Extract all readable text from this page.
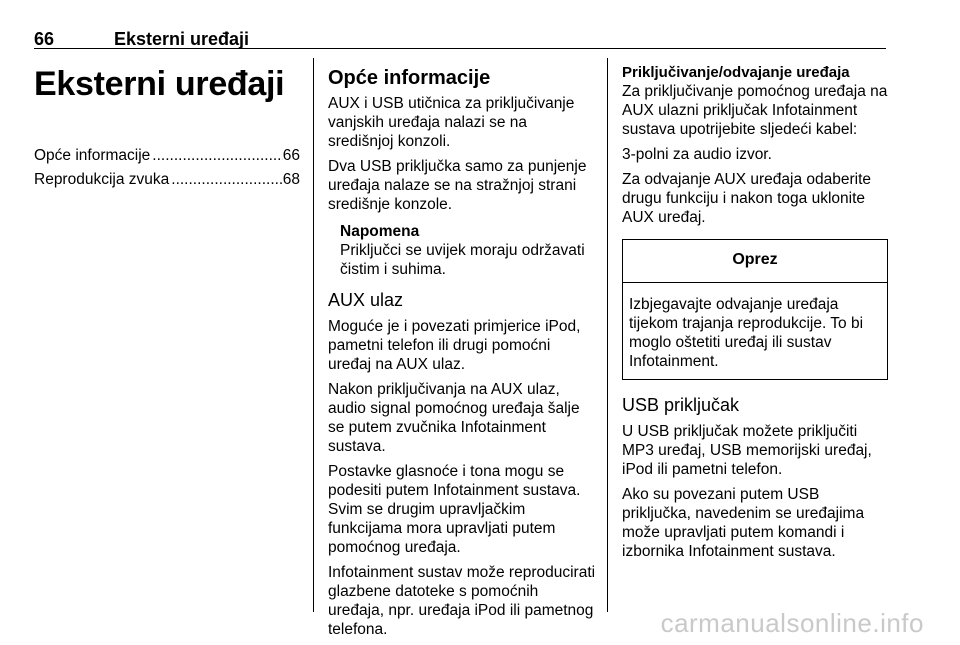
66	Eksterni uređaji
Eksterni uređaji
Opće informacije .....	66
Reprodukcija zvuka .....	68
Opće informacije

AUX i USB utičnica za priključivanje vanjskih uređaja nalazi se na središnjoj konzoli.

Dva USB priključka samo za punjenje uređaja nalaze se na stražnjoj strani središnje konzole.

Napomena

Priključci se uvijek moraju održavati čistim i suhima.

AUX ulaz

Moguće je i povezati primjerice iPod, pametni telefon ili drugi pomoćni uređaj na AUX ulaz.

Nakon priključivanja na AUX ulaz, audio signal pomoćnog uređaja šalje se putem zvučnika Infotainment sustava.

Postavke glasnoće i tona mogu se podesiti putem Infotainment sustava. Svim se drugim upravljačkim funkcijama mora upravljati putem pomoćnog uređaja.

Infotainment sustav može reproducirati glazbene datoteke s pomoćnih uređaja, npr. uređaja iPod ili pametnog telefona.

Priključivanje/odvajanje uređaja

Za priključivanje pomoćnog uređaja na AUX ulazni priključak Infotainment sustava upotrijebite sljedeći kabel:

3-polni za audio izvor.

Za odvajanje AUX uređaja odaberite drugu funkciju i nakon toga uklonite AUX uređaj.

Oprez

Izbjegavajte odvajanje uređaja tijekom trajanja reprodukcije. To bi moglo oštetiti uređaj ili sustav Infotainment.

USB priključak

U USB priključak možete priključiti MP3 uređaj, USB memorijski uređaj, iPod ili pametni telefon.

Ako su povezani putem USB priključka, navedenim se uređajima može upravljati putem komandi i izbornika Infotainment sustava.

carmanualsonline.info
